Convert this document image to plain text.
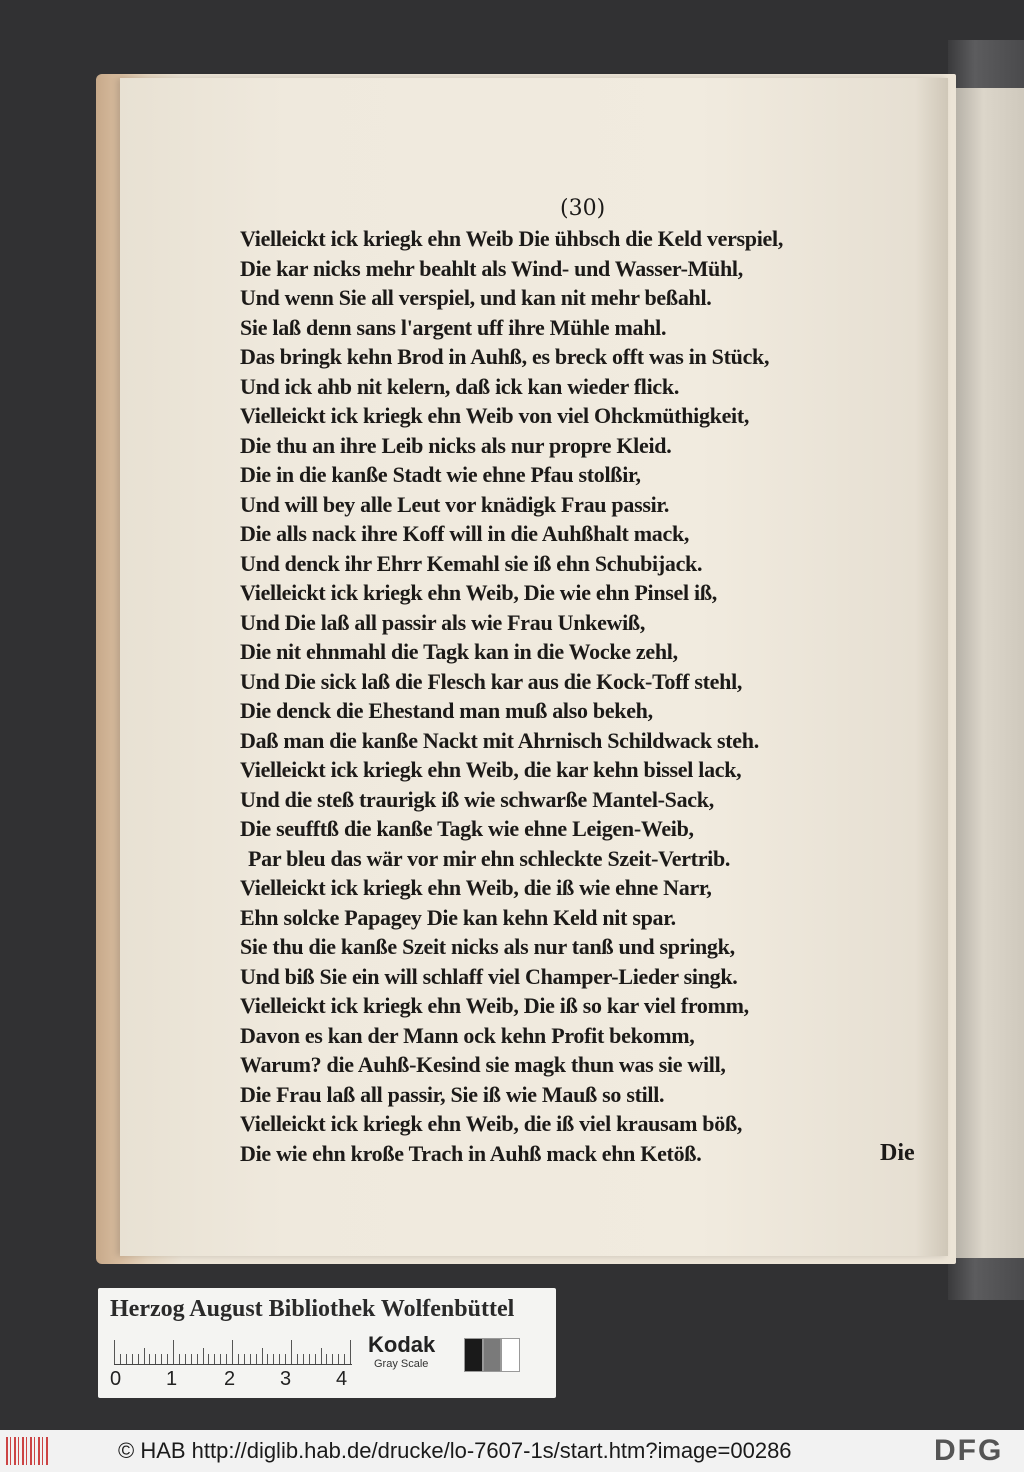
(30)
Vielleickt ick kriegk ehn Weib Die ühbsch die Keld verspiel,
Die kar nicks mehr beahlt als Wind- und Wasser-Mühl,
Und wenn Sie all verspiel, und kan nit mehr beßahl.
Sie laß denn sans l'argent uff ihre Mühle mahl.
Das bringk kehn Brod in Auhß, es breck offt was in Stück,
Und ick ahb nit kelern, daß ick kan wieder flick.
Vielleickt ick kriegk ehn Weib von viel Ohckmüthigkeit,
Die thu an ihre Leib nicks als nur propre Kleid.
Die in die kanße Stadt wie ehne Pfau stolßir,
Und will bey alle Leut vor knädigk Frau passir.
Die alls nack ihre Koff will in die Auhßhalt mack,
Und denck ihr Ehrr Kemahl sie iß ehn Schubijack.
Vielleickt ick kriegk ehn Weib, Die wie ehn Pinsel iß,
Und Die laß all passir als wie Frau Unkewiß,
Die nit ehnmahl die Tagk kan in die Wocke zehl,
Und Die sick laß die Flesch kar aus die Kock-Toff stehl,
Die denck die Ehestand man muß also bekeh,
Daß man die kanße Nackt mit Ahrnisch Schildwack steh.
Vielleickt ick kriegk ehn Weib, die kar kehn bissel lack,
Und die steß traurigk iß wie schwarße Mantel-Sack,
Die seufftß die kanße Tagk wie ehne Leigen-Weib,
Par bleu das wär vor mir ehn schleckte Szeit-Vertrib.
Vielleickt ick kriegk ehn Weib, die iß wie ehne Narr,
Ehn solcke Papagey Die kan kehn Keld nit spar.
Sie thu die kanße Szeit nicks als nur tanß und springk,
Und biß Sie ein will schlaff viel Champer-Lieder singk.
Vielleickt ick kriegk ehn Weib, Die iß so kar viel fromm,
Davon es kan der Mann ock kehn Profit bekomm,
Warum? die Auhß-Kesind sie magk thun was sie will,
Die Frau laß all passir, Sie iß wie Mauß so still.
Vielleickt ick kriegk ehn Weib, die iß viel krausam böß,
Die wie ehn kroße Trach in Auhß mack ehn Ketöß.	Die
Herzog August Bibliothek Wolfenbüttel
0 1 2 3 4
Kodak
Gray Scale
© HAB http://diglib.hab.de/drucke/lo-7607-1s/start.htm?image=00286	DFG
